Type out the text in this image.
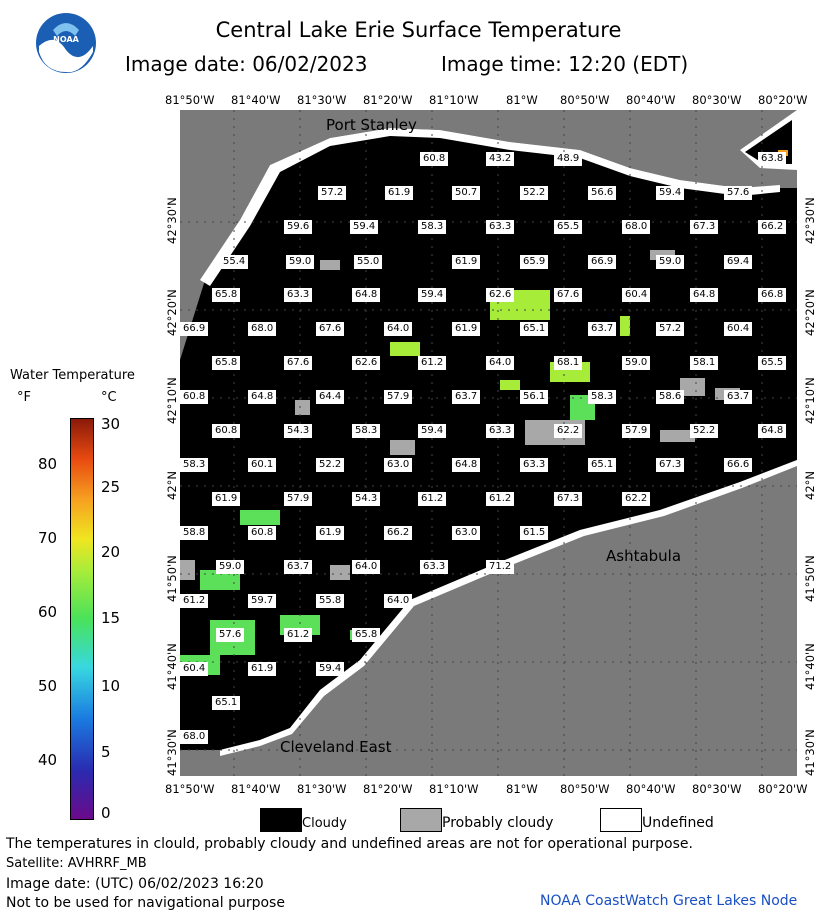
NOAA	Central Lake Erie Surface Temperature
Image date: 06/02/2023	Image time: 12:20 (EDT)
81°50'W 81°40'W 81°30'W 81°20'W 81°10'W 81°W 80°50'W 80°40'W 80°30'W 80°20'W
81°50'W 81°40'W 81°30'W 81°20'W 81°10'W 81°W 80°50'W 80°40'W 80°30'W 80°20'W
42°30'N
42°20'N
42°10'N
42°N
41°50'N
41°40'N
41°30'N
42°30'N
42°20'N
42°10'N
42°N
41°50'N
41°40'N
41°30'N
Port Stanley
Ashtabula
Cleveland East
60.8	43.2	48.9
57.2	61.9	50.7	52.2	56.6	59.4	57.6
59.6	59.4	58.3	63.3	65.5	68.0	67.3	66.2
55.4	59.0	55.0	61.9	65.9	66.9	59.0	69.4
65.8	63.3	64.8	59.4	62.6	67.6	60.4	64.8	66.8
66.9	68.0	67.6	64.0	61.9	65.1	63.7	57.2	60.4
65.8	67.6	62.6	61.2	64.0	68.1	59.0	58.1	65.5
60.8	64.8	64.4	57.9	63.7	56.1	58.3	58.6	63.7
60.8	54.3	58.3	59.4	63.3	62.2	57.9	52.2	64.8
58.3	60.1	52.2	63.0	64.8	63.3	65.1	67.3	66.6
61.9	57.9	54.3	61.2	61.2	67.3	62.2
58.8	60.8	61.9	66.2	63.0	61.5
59.0	63.7	64.0	63.3	71.2
61.2	59.7	55.8	64.0
57.6	61.2	65.8
60.4	61.9	59.4
65.1
68.0
63.8
Water Temperature
°F	°C
80
70
60
50
40
30
25
20
15
10
5
0
Cloudy	Probably cloudy	Undefined
The temperatures in clould, probably cloudy and undefined areas are not for operational purpose.
Satellite: AVHRRF_MB
Image date: (UTC) 06/02/2023 16:20
Not to be used for navigational purpose	NOAA CoastWatch Great Lakes Node
